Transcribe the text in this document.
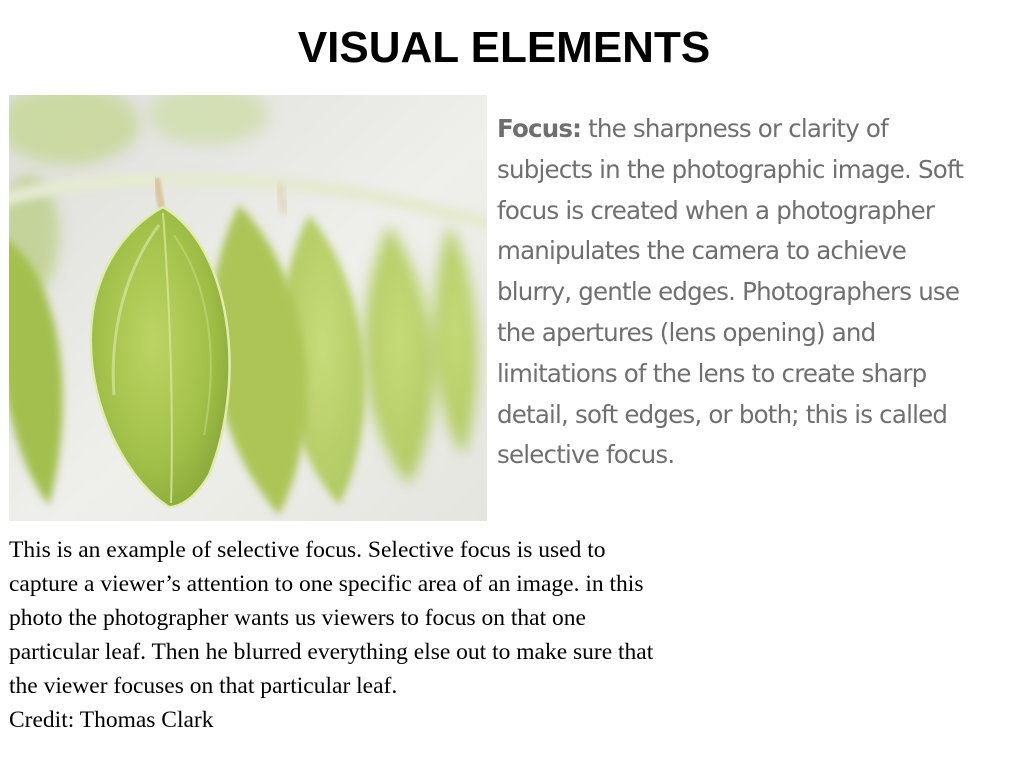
VISUAL ELEMENTS
Focus: the sharpness or clarity of subjects in the photographic image. Soft focus is created when a photographer manipulates the camera to achieve blurry, gentle edges. Photographers use the apertures (lens opening) and limitations of the lens to create sharp detail, soft edges, or both; this is called selective focus.
This is an example of selective focus. Selective focus is used to capture a viewer’s attention to one specific area of an image. in this photo the photographer wants us viewers to focus on that one particular leaf. Then he blurred everything else out to make sure that the viewer focuses on that particular leaf.
Credit: Thomas Clark
